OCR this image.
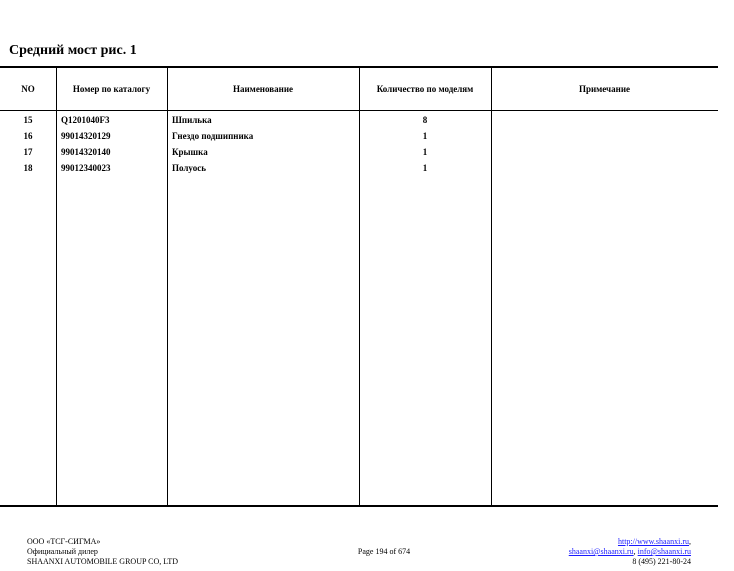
Средний мост рис. 1
NO	Номер по каталогу	Наименование	Количество по моделям	Примечание
15	Q1201040F3	Шпилька	8
16	99014320129	Гнездо подшипника	1
17	99014320140	Крышка	1
18	99012340023	Полуось	1
ООО «ТСГ-СИГМА»
Официальный дилер
SHAANXI AUTOMOBILE GROUP CO, LTD
Page 194 of 674
http://www.shaanxi.ru,
shaanxi@shaanxi.ru, info@shaanxi.ru
8 (495) 221-80-24
